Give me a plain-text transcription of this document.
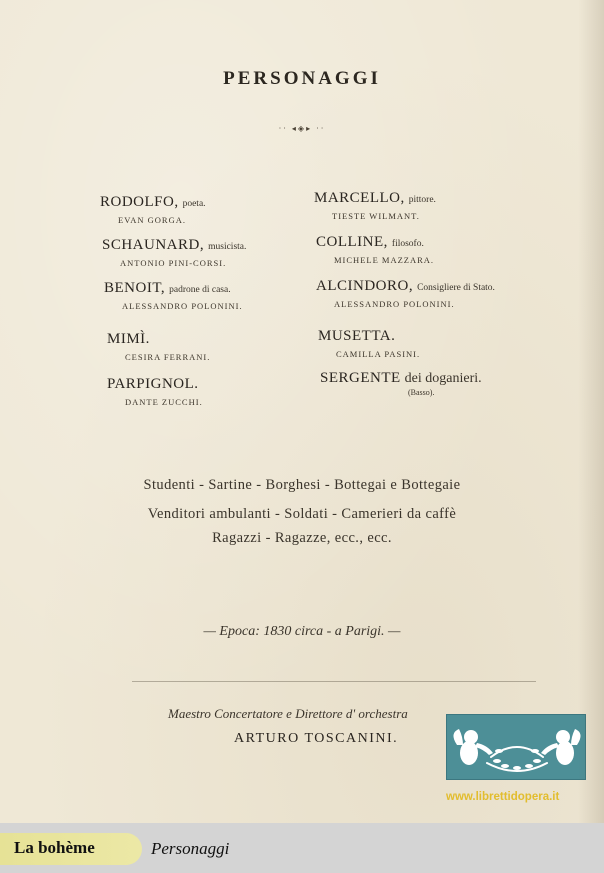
PERSONAGGI
·· ◂◈▸ ··
RODOLFO, poeta.
EVAN GORGA.
SCHAUNARD, musicista.
ANTONIO PINI-CORSI.
BENOIT, padrone di casa.
ALESSANDRO POLONINI.
MIMÌ.
CESIRA FERRANI.
PARPIGNOL.
DANTE ZUCCHI.
MARCELLO, pittore.
TIESTE WILMANT.
COLLINE, filosofo.
MICHELE MAZZARA.
ALCINDORO, Consigliere di Stato.
ALESSANDRO POLONINI.
MUSETTA.
CAMILLA PASINI.
SERGENTE dei doganieri.
(Basso).
Studenti - Sartine - Borghesi - Bottegai e Bottegaie
Venditori ambulanti - Soldati - Camerieri da caffè
Ragazzi - Ragazze, ecc., ecc.
— Epoca: 1830 circa - a Parigi. —
Maestro Concertatore e Direttore d' orchestra
ARTURO TOSCANINI.
www.librettidopera.it
La bohème	Personaggi
